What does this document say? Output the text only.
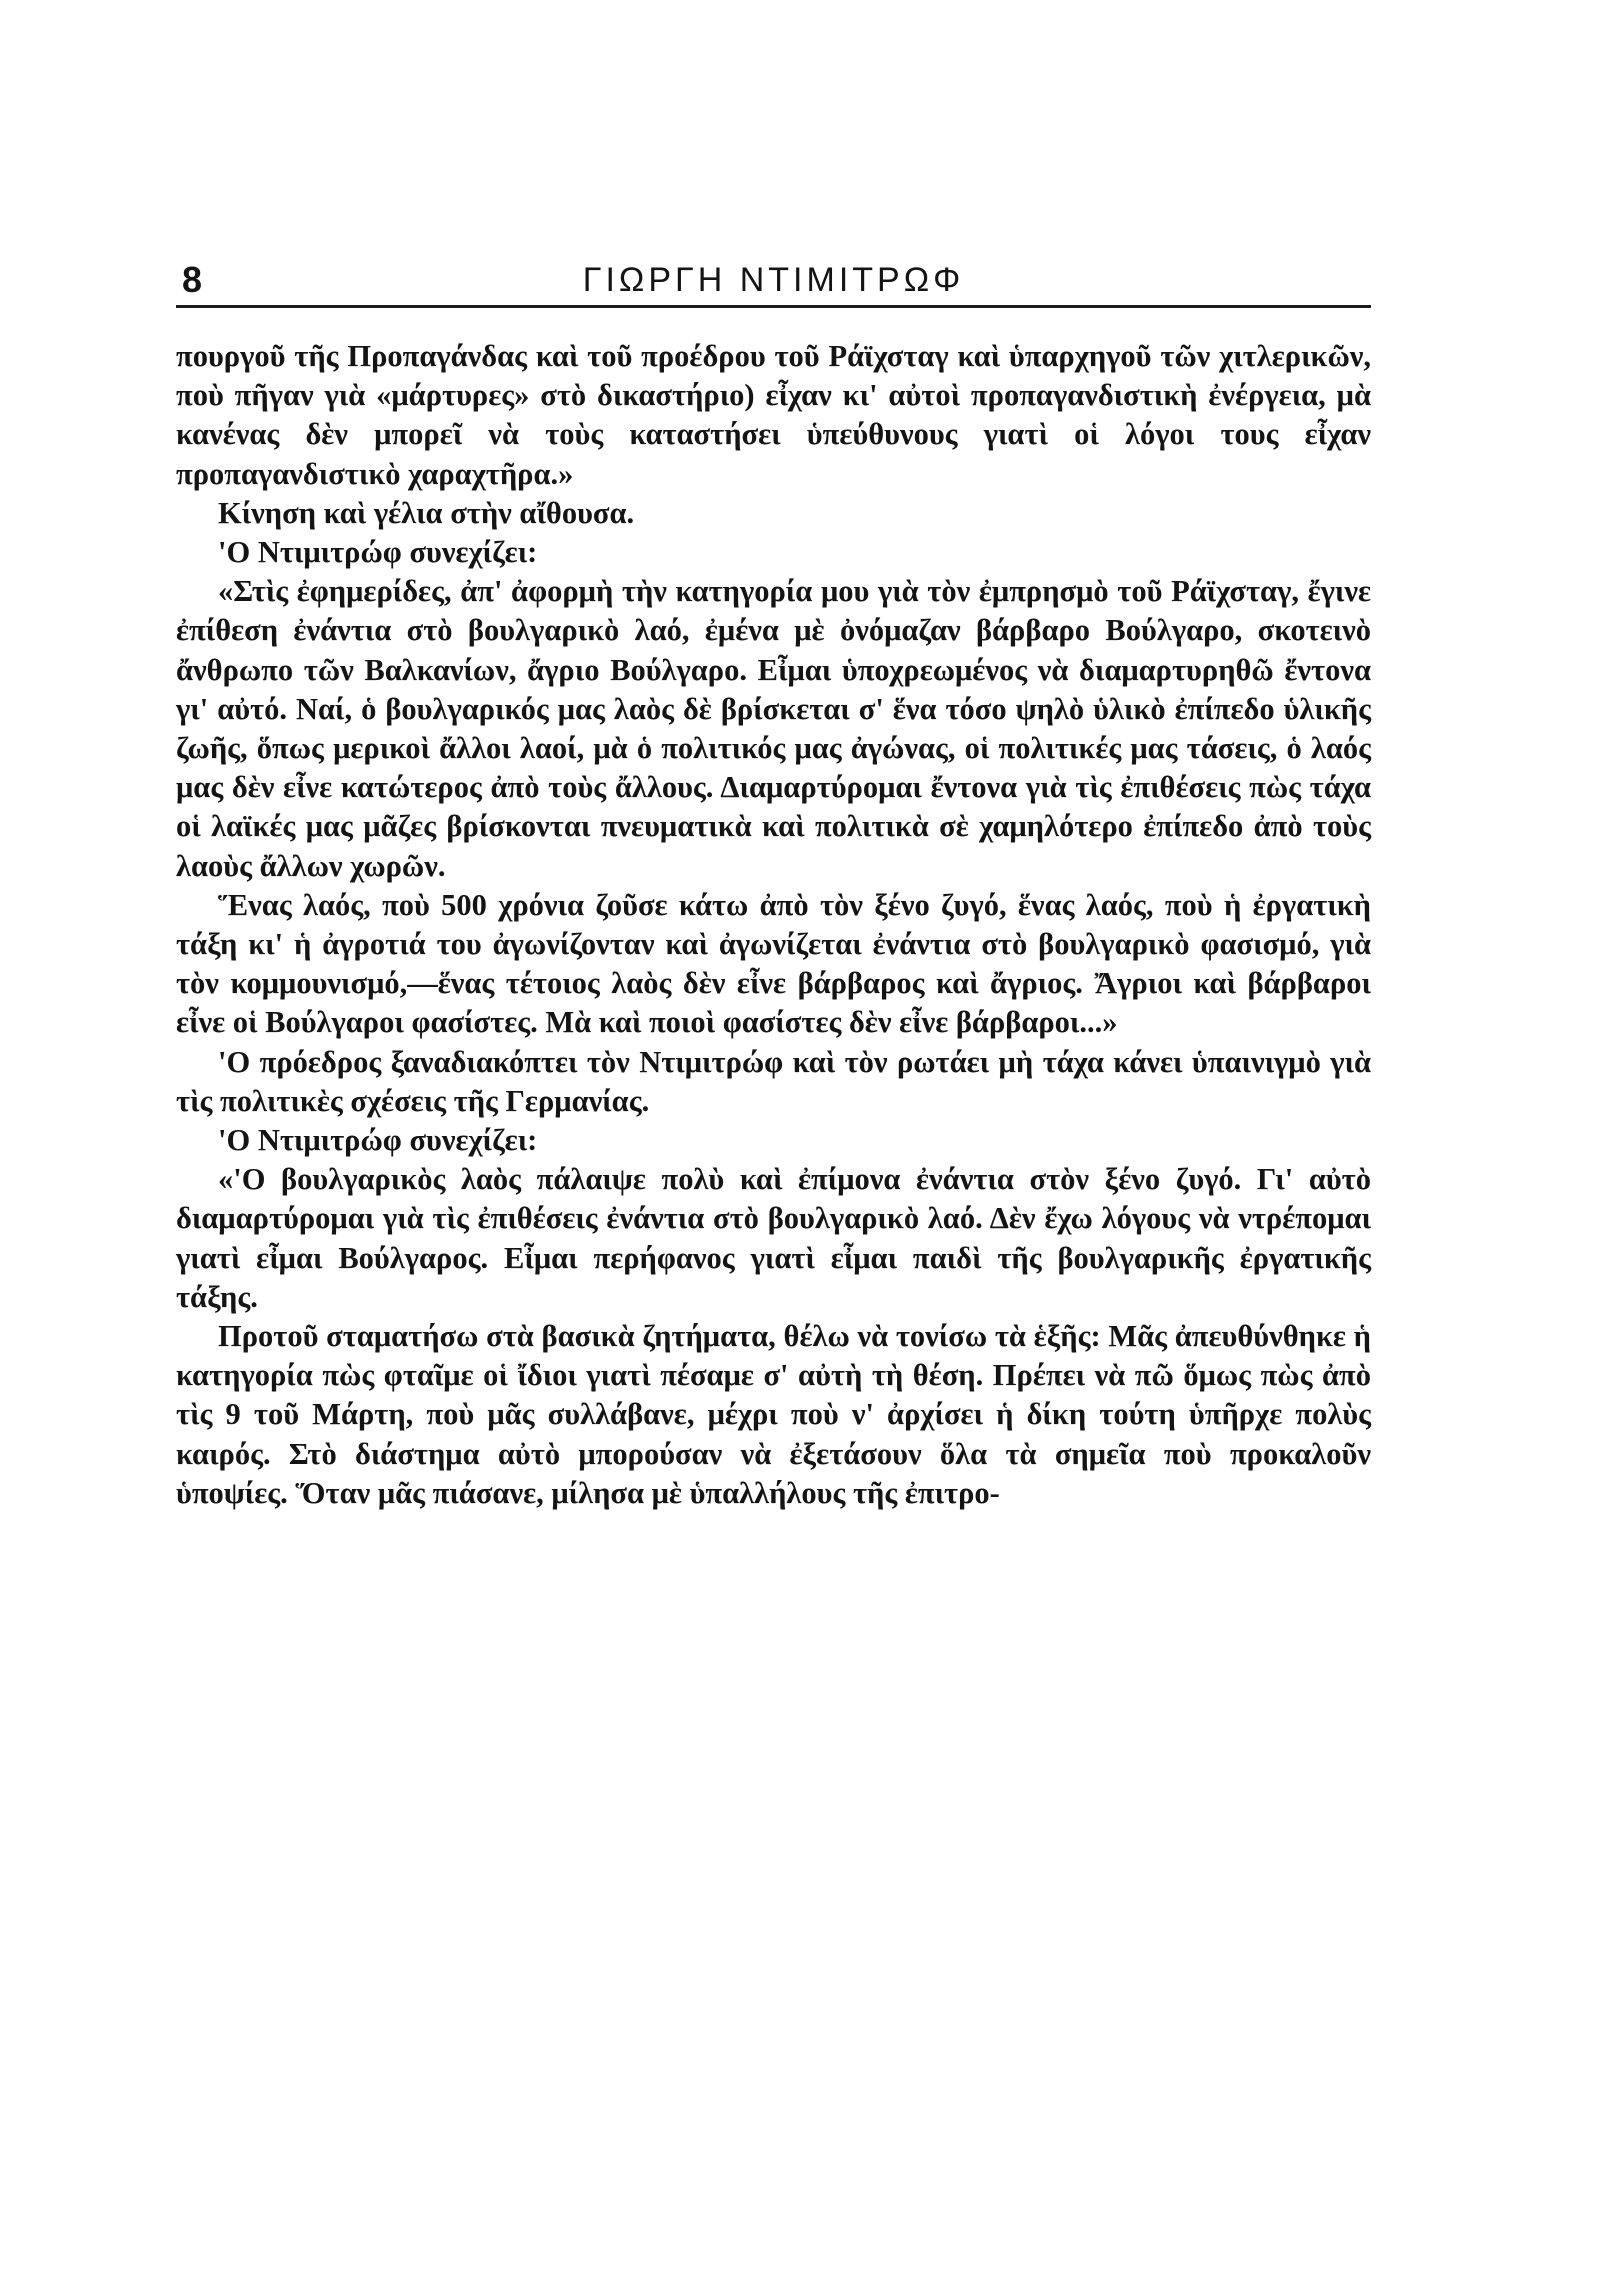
8	ΓΙΩΡΓΗ ΝΤΙΜΙΤΡΩΦ

πουργοῦ τῆς Προπαγάνδας καὶ τοῦ προέδρου τοῦ Ράϊχσταγ καὶ ὑπαρχηγοῦ τῶν χιτλερικῶν, ποὺ πῆγαν γιὰ «μάρτυρες» στὸ δικαστήριο) εἶχαν κι' αὐτοὶ προπαγανδιστικὴ ἐνέργεια, μὰ κανένας δὲν μπορεῖ νὰ τοὺς καταστήσει ὑπεύθυνους γιατὶ οἱ λόγοι τους εἶχαν προπαγανδιστικὸ χαραχτῆρα.»

Κίνηση καὶ γέλια στὴν αἴθουσα.

'Ο Ντιμιτρώφ συνεχίζει:

«Στὶς ἐφημερίδες, ἀπ' ἀφορμὴ τὴν κατηγορία μου γιὰ τὸν ἐμπρησμὸ τοῦ Ράϊχσταγ, ἔγινε ἐπίθεση ἐνάντια στὸ βουλγαρικὸ λαό, ἐμένα μὲ ὀνόμαζαν βάρβαρο Βούλγαρο, σκοτεινὸ ἄνθρωπο τῶν Βαλκανίων, ἄγριο Βούλγαρο. Εἶμαι ὑποχρεωμένος νὰ διαμαρτυρηθῶ ἔντονα γι' αὐτό. Ναί, ὁ βουλγαρικός μας λαὸς δὲ βρίσκεται σ' ἕνα τόσο ψηλὸ ὑλικὸ ἐπίπεδο ὑλικῆς ζωῆς, ὅπως μερικοὶ ἄλλοι λαοί, μὰ ὁ πολιτικός μας ἀγώνας, οἱ πολιτικές μας τάσεις, ὁ λαός μας δὲν εἶνε κατώτερος ἀπὸ τοὺς ἄλλους. Διαμαρτύρομαι ἔντονα γιὰ τὶς ἐπιθέσεις πὼς τάχα οἱ λαϊκές μας μᾶζες βρίσκονται πνευματικὰ καὶ πολιτικὰ σὲ χαμηλότερο ἐπίπεδο ἀπὸ τοὺς λαοὺς ἄλλων χωρῶν.

Ἕνας λαός, ποὺ 500 χρόνια ζοῦσε κάτω ἀπὸ τὸν ξένο ζυγό, ἕνας λαός, ποὺ ἡ ἐργατικὴ τάξη κι' ἡ ἀγροτιά του ἀγωνίζονταν καὶ ἀγωνίζεται ἐνάντια στὸ βουλγαρικὸ φασισμό, γιὰ τὸν κομμουνισμό,—ἕνας τέτοιος λαὸς δὲν εἶνε βάρβαρος καὶ ἄγριος. Ἄγριοι καὶ βάρβαροι εἶνε οἱ Βούλγαροι φασίστες. Μὰ καὶ ποιοὶ φασίστες δὲν εἶνε βάρβαροι...»

'Ο πρόεδρος ξαναδιακόπτει τὸν Ντιμιτρώφ καὶ τὸν ρωτάει μὴ τάχα κάνει ὑπαινιγμὸ γιὰ τὶς πολιτικὲς σχέσεις τῆς Γερμανίας.

'Ο Ντιμιτρώφ συνεχίζει:

«'Ο βουλγαρικὸς λαὸς πάλαιψε πολὺ καὶ ἐπίμονα ἐνάντια στὸν ξένο ζυγό. Γι' αὐτὸ διαμαρτύρομαι γιὰ τὶς ἐπιθέσεις ἐνάντια στὸ βουλγαρικὸ λαό. Δὲν ἔχω λόγους νὰ ντρέπομαι γιατὶ εἶμαι Βούλγαρος. Εἶμαι περήφανος γιατὶ εἶμαι παιδὶ τῆς βουλγαρικῆς ἐργατικῆς τάξης.

Προτοῦ σταματήσω στὰ βασικὰ ζητήματα, θέλω νὰ τονίσω τὰ ἑξῆς: Μᾶς ἀπευθύνθηκε ἡ κατηγορία πὼς φταῖμε οἱ ἴδιοι γιατὶ πέσαμε σ' αὐτὴ τὴ θέση. Πρέπει νὰ πῶ ὅμως πὼς ἀπὸ τὶς 9 τοῦ Μάρτη, ποὺ μᾶς συλλάβανε, μέχρι ποὺ ν' ἀρχίσει ἡ δίκη τούτη ὑπῆρχε πολὺς καιρός. Στὸ διάστημα αὐτὸ μπορούσαν νὰ ἐξετάσουν ὅλα τὰ σημεῖα ποὺ προκαλοῦν ὑποψίες. Ὅταν μᾶς πιάσανε, μίλησα μὲ ὑπαλλήλους τῆς ἐπιτρο-
